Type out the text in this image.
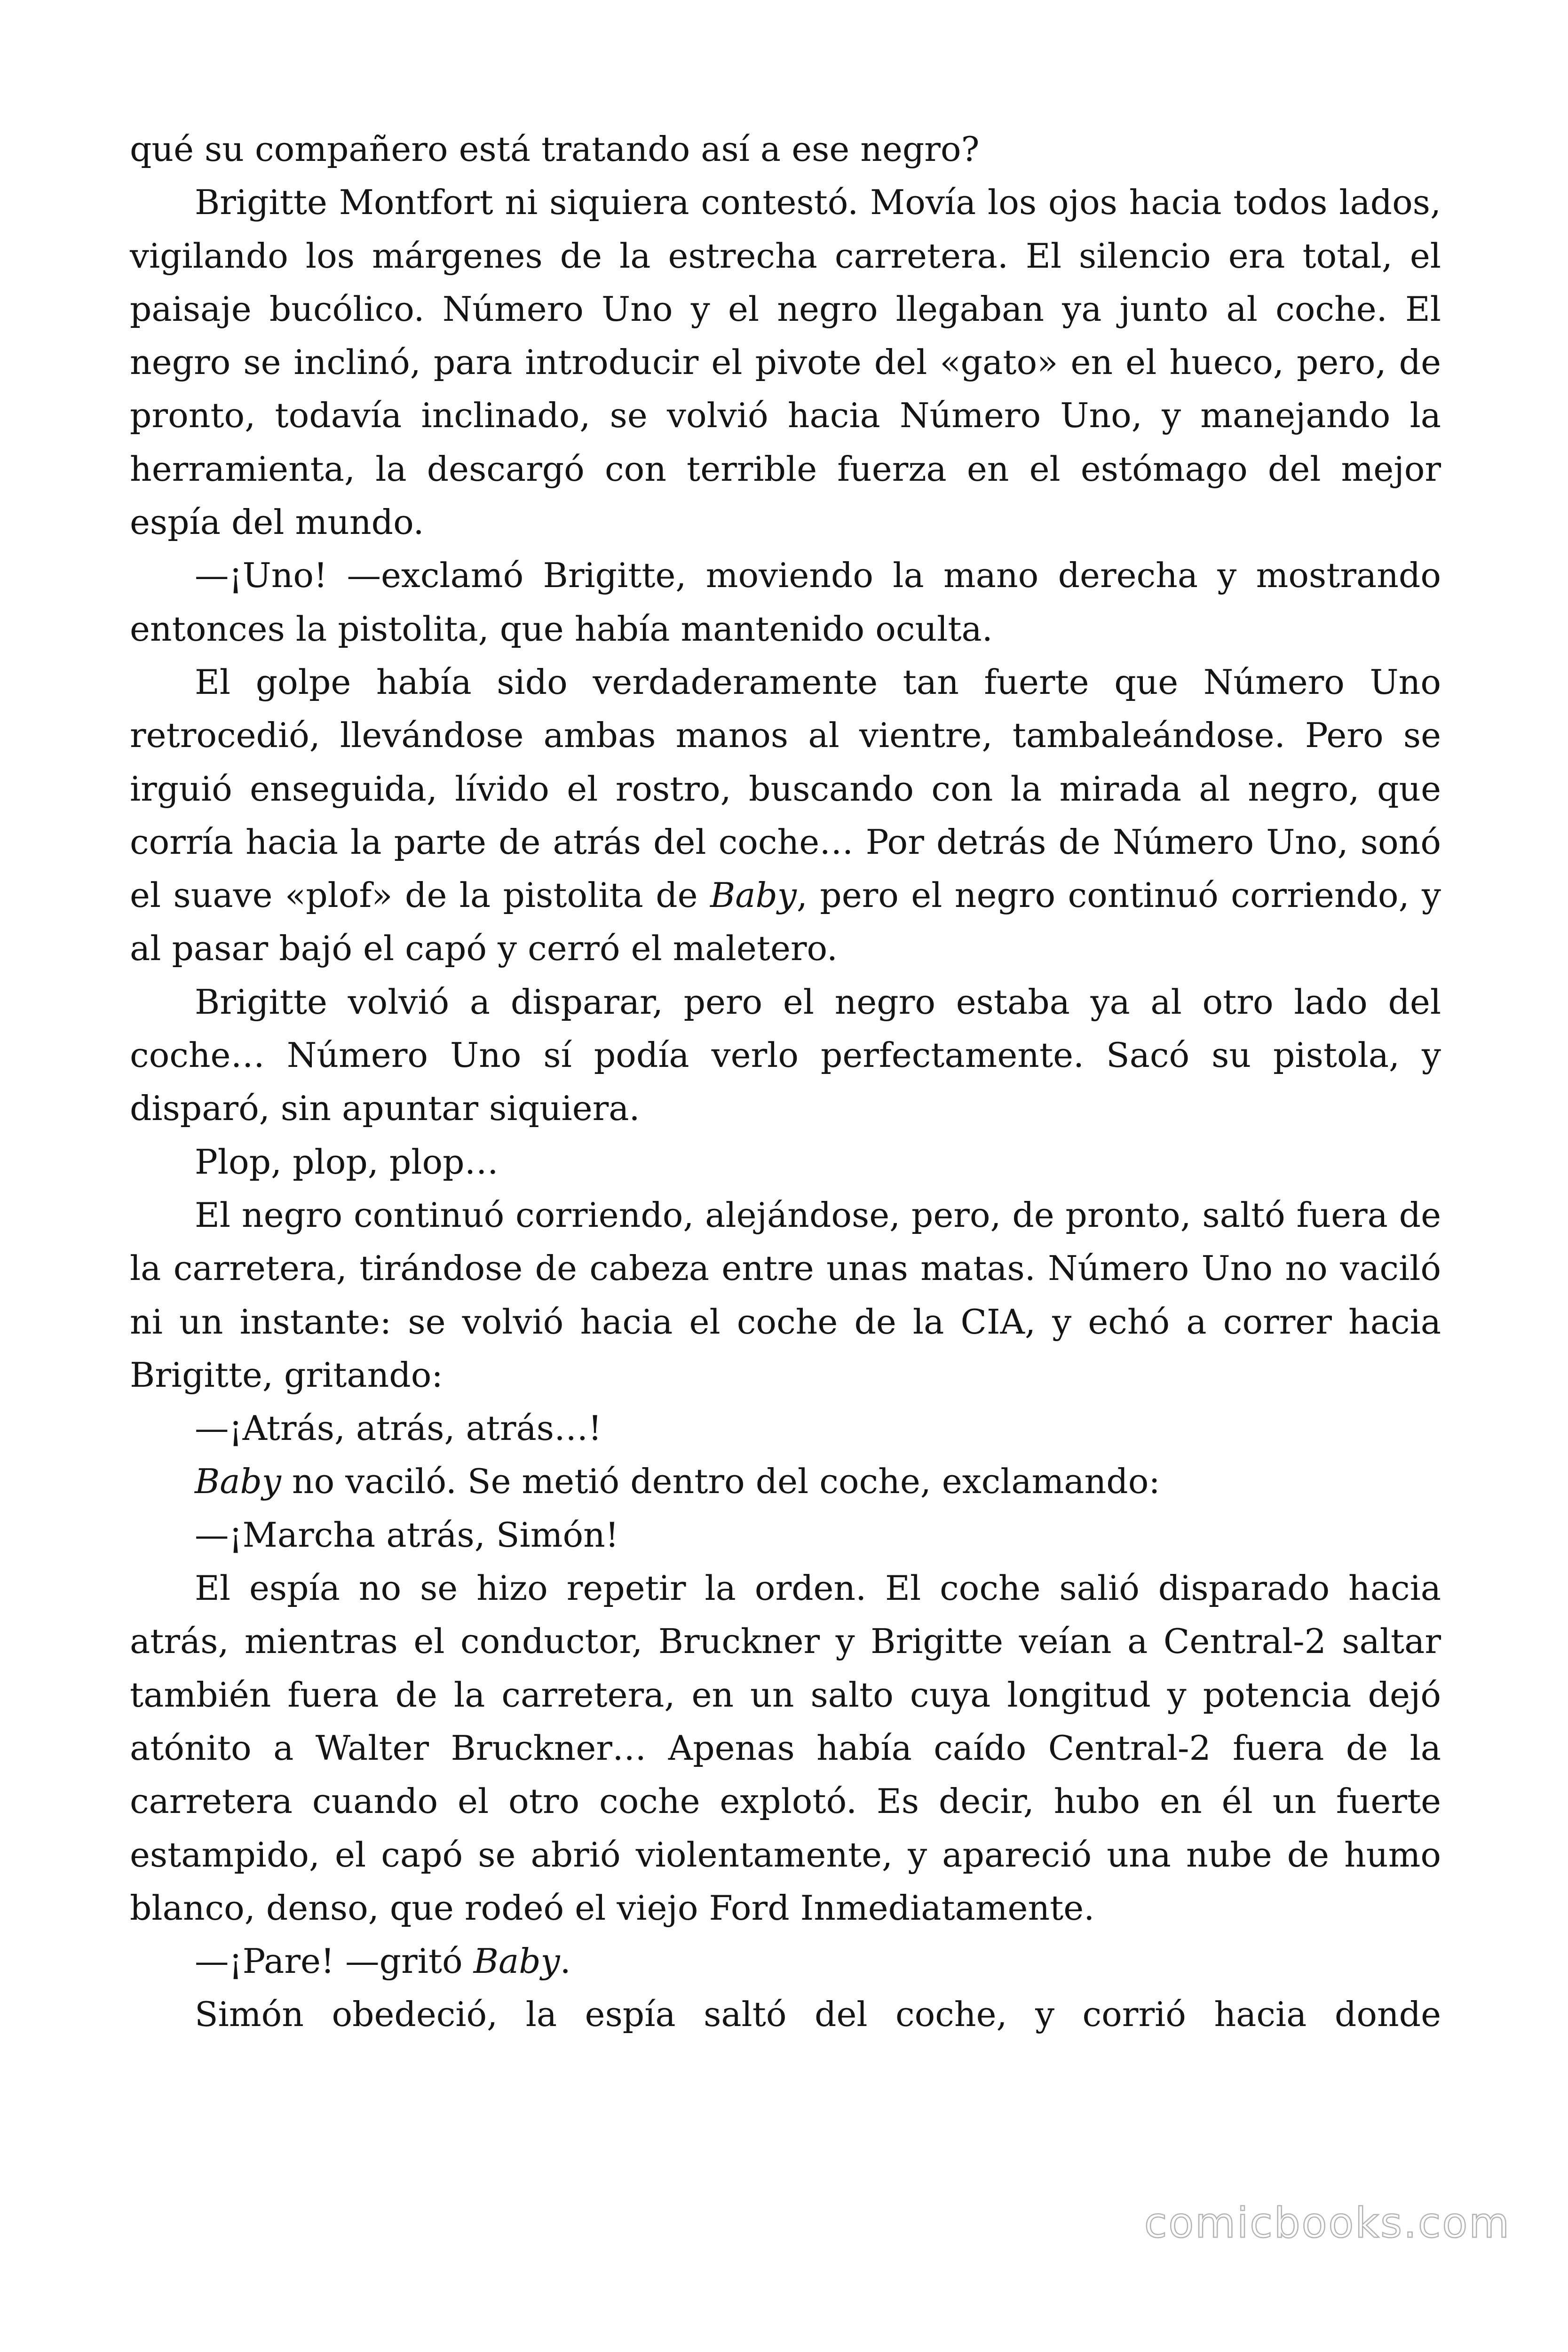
qué su compañero está tratando así a ese negro?

Brigitte Montfort ni siquiera contestó. Movía los ojos hacia todos lados, vigilando los márgenes de la estrecha carretera. El silencio era total, el paisaje bucólico. Número Uno y el negro llegaban ya junto al coche. El negro se inclinó, para introducir el pivote del «gato» en el hueco, pero, de pronto, todavía inclinado, se volvió hacia Número Uno, y manejando la herramienta, la descargó con terrible fuerza en el estómago del mejor espía del mundo.

—¡Uno! —exclamó Brigitte, moviendo la mano derecha y mostrando entonces la pistolita, que había mantenido oculta.

El golpe había sido verdaderamente tan fuerte que Número Uno retrocedió, llevándose ambas manos al vientre, tambaleándose. Pero se irguió enseguida, lívido el rostro, buscando con la mirada al negro, que corría hacia la parte de atrás del coche… Por detrás de Número Uno, sonó el suave «plof» de la pistolita de Baby, pero el negro continuó corriendo, y al pasar bajó el capó y cerró el maletero.

Brigitte volvió a disparar, pero el negro estaba ya al otro lado del coche… Número Uno sí podía verlo perfectamente. Sacó su pistola, y disparó, sin apuntar siquiera.

Plop, plop, plop…

El negro continuó corriendo, alejándose, pero, de pronto, saltó fuera de la carretera, tirándose de cabeza entre unas matas. Número Uno no vaciló ni un instante: se volvió hacia el coche de la CIA, y echó a correr hacia Brigitte, gritando:

—¡Atrás, atrás, atrás…!

Baby no vaciló. Se metió dentro del coche, exclamando:

—¡Marcha atrás, Simón!

El espía no se hizo repetir la orden. El coche salió disparado hacia atrás, mientras el conductor, Bruckner y Brigitte veían a Central-2 saltar también fuera de la carretera, en un salto cuya longitud y potencia dejó atónito a Walter Bruckner… Apenas había caído Central-2 fuera de la carretera cuando el otro coche explotó. Es decir, hubo en él un fuerte estampido, el capó se abrió violentamente, y apareció una nube de humo blanco, denso, que rodeó el viejo Ford Inmediatamente.

—¡Pare! —gritó Baby.

Simón obedeció, la espía saltó del coche, y corrió hacia donde

comicbooks.com
